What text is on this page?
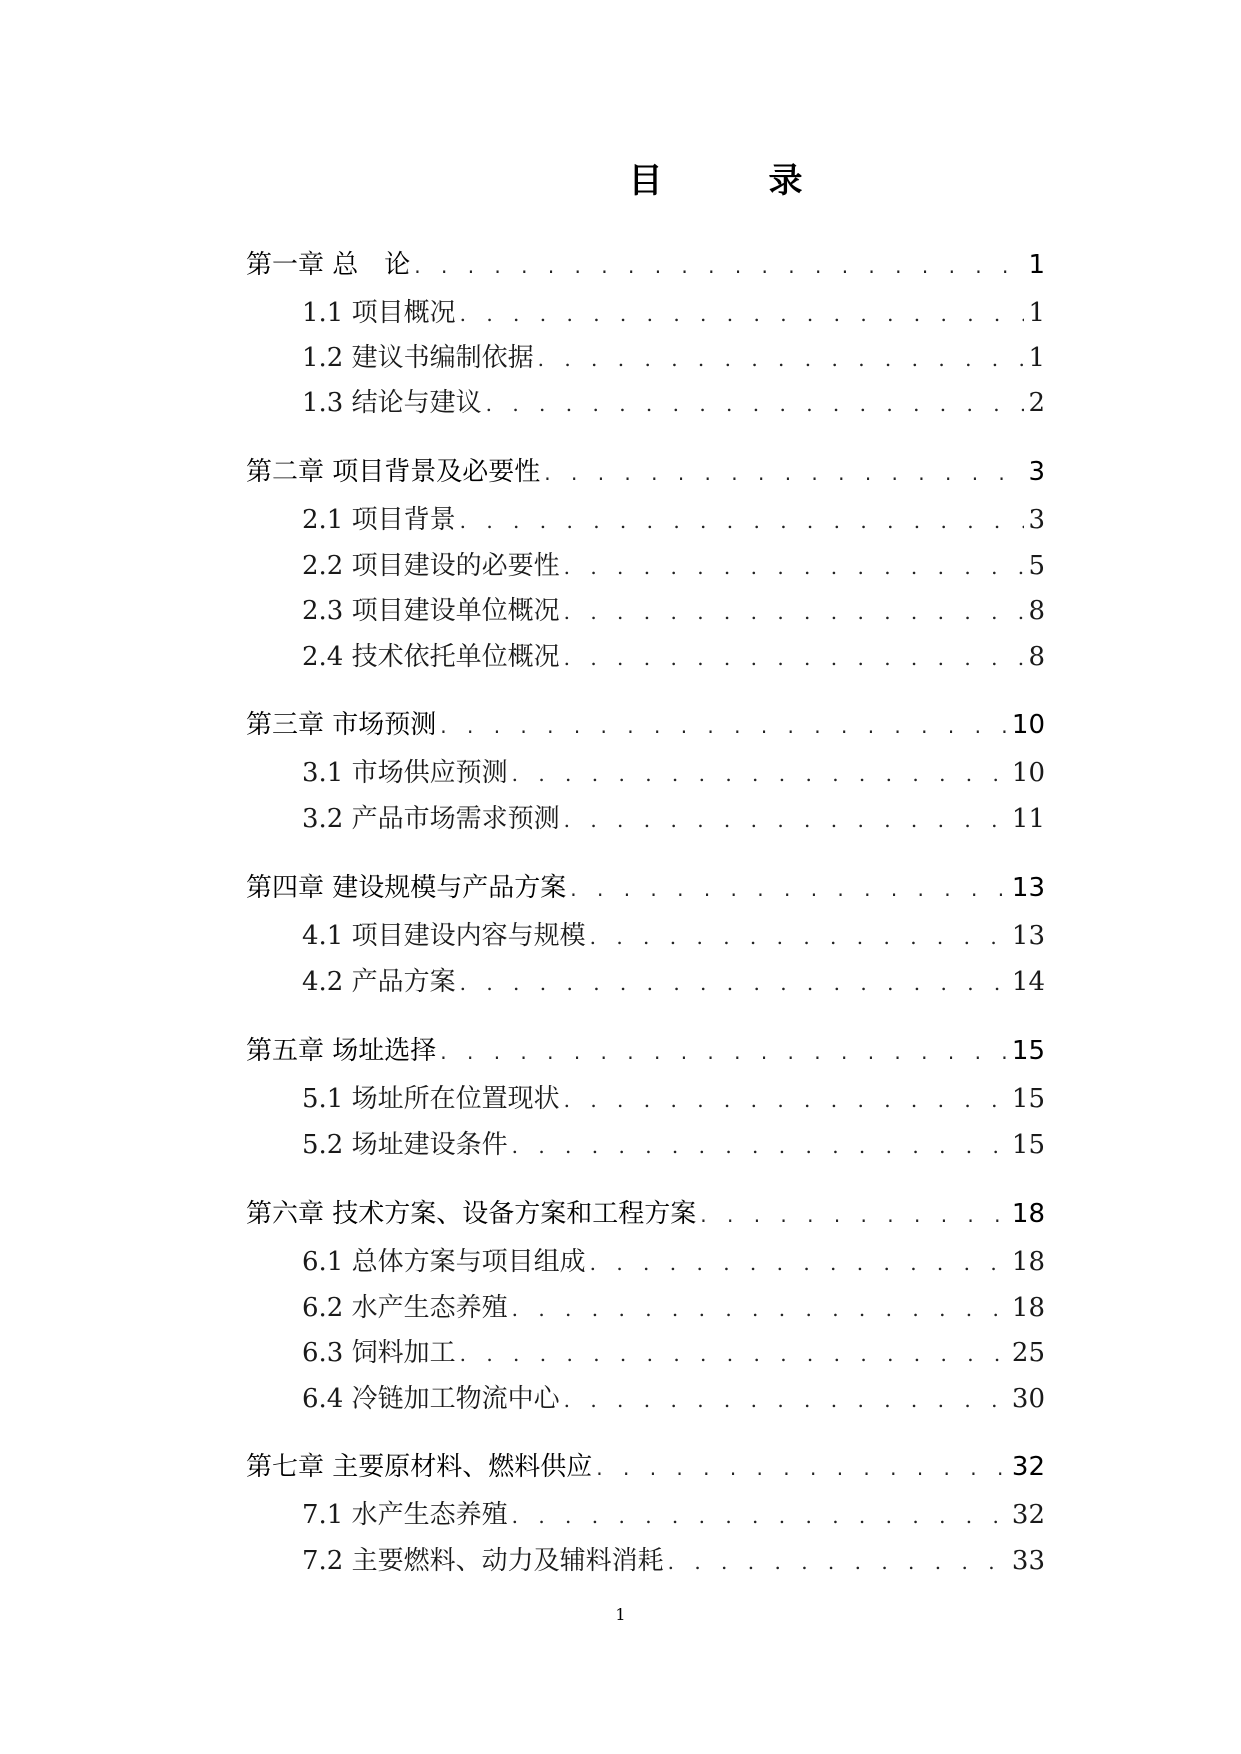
目　录
第一章 总　论 . . .	1
1.1 项目概况 . . .	1
1.2 建议书编制依据 . . .	1
1.3 结论与建议 . . .	2
第二章 项目背景及必要性 . . .	3
2.1 项目背景 . . .	3
2.2 项目建设的必要性 . . .	5
2.3 项目建设单位概况 . . .	8
2.4 技术依托单位概况 . . .	8
第三章 市场预测 . . .	10
3.1 市场供应预测 . . .	10
3.2 产品市场需求预测 . . .	11
第四章 建设规模与产品方案 . . .	13
4.1 项目建设内容与规模 . . .	13
4.2 产品方案 . . .	14
第五章 场址选择 . . .	15
5.1 场址所在位置现状 . . .	15
5.2 场址建设条件 . . .	15
第六章 技术方案、设备方案和工程方案 . . .	18
6.1 总体方案与项目组成 . . .	18
6.2 水产生态养殖 . . .	18
6.3 饲料加工 . . .	25
6.4 冷链加工物流中心 . . .	30
第七章 主要原材料、燃料供应 . . .	32
7.1 水产生态养殖 . . .	32
7.2 主要燃料、动力及辅料消耗 . . .	33
1
